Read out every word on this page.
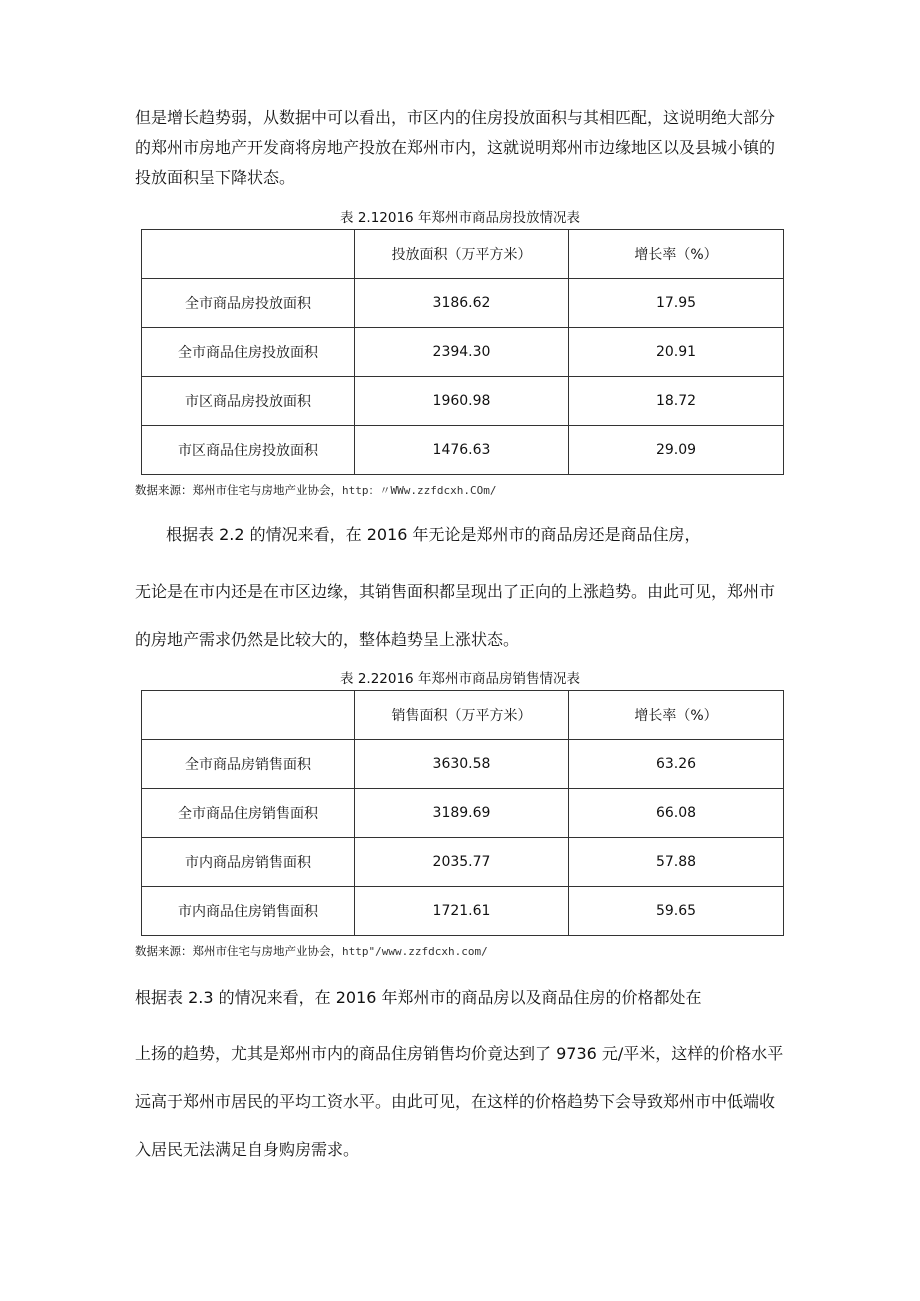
但是增长趋势弱，从数据中可以看出，市区内的住房投放面积与其相匹配，这说明绝大部分的郑州市房地产开发商将房地产投放在郑州市内，这就说明郑州市边缘地区以及县城小镇的投放面积呈下降状态。

表 2.12016 年郑州市商品房投放情况表

	投放面积（万平方米）	增长率（%）
全市商品房投放面积	3186.62	17.95
全市商品住房投放面积	2394.30	20.91
市区商品房投放面积	1960.98	18.72
市区商品住房投放面积	1476.63	29.09

数据来源：郑州市住宅与房地产业协会，http：〃WWw.zzfdcxh.COm/

根据表 2.2 的情况来看，在 2016 年无论是郑州市的商品房还是商品住房，

无论是在市内还是在市区边缘，其销售面积都呈现出了正向的上涨趋势。由此可见，郑州市的房地产需求仍然是比较大的，整体趋势呈上涨状态。

表 2.22016 年郑州市商品房销售情况表

	销售面积（万平方米）	增长率（%）
全市商品房销售面积	3630.58	63.26
全市商品住房销售面积	3189.69	66.08
市内商品房销售面积	2035.77	57.88
市内商品住房销售面积	1721.61	59.65

数据来源：郑州市住宅与房地产业协会，http"/www.zzfdcxh.com/

根据表 2.3 的情况来看，在 2016 年郑州市的商品房以及商品住房的价格都处在

上扬的趋势，尤其是郑州市内的商品住房销售均价竟达到了 9736 元/平米，这样的价格水平远高于郑州市居民的平均工资水平。由此可见，在这样的价格趋势下会导致郑州市中低端收入居民无法满足自身购房需求。
